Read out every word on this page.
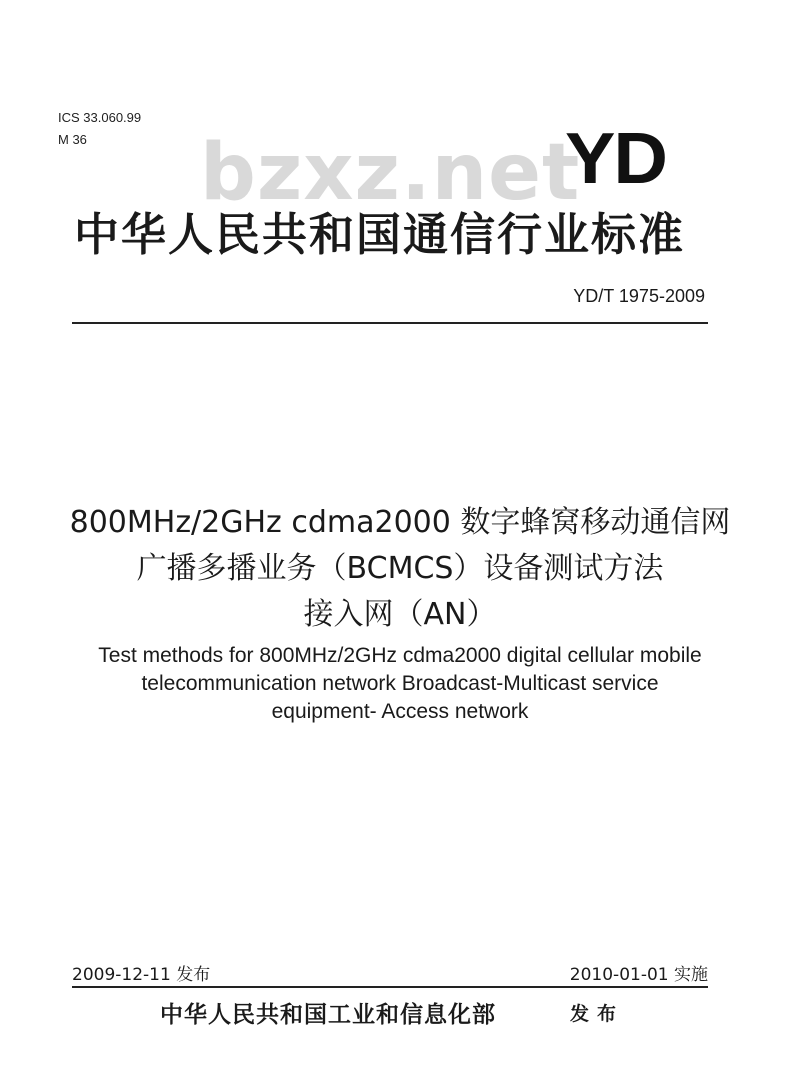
ICS 33.060.99
M 36 bzxz.net
YD
中华人民共和国通信行业标准
YD/T 1975-2009
800MHz/2GHz cdma2000 数字蜂窝移动通信网
广播多播业务（BCMCS）设备测试方法
接入网（AN）
Test methods for 800MHz/2GHz cdma2000 digital cellular mobile
telecommunication network Broadcast-Multicast service
equipment- Access network
2009-12-11 发布	2010-01-01 实施
中华人民共和国工业和信息化部	发布
